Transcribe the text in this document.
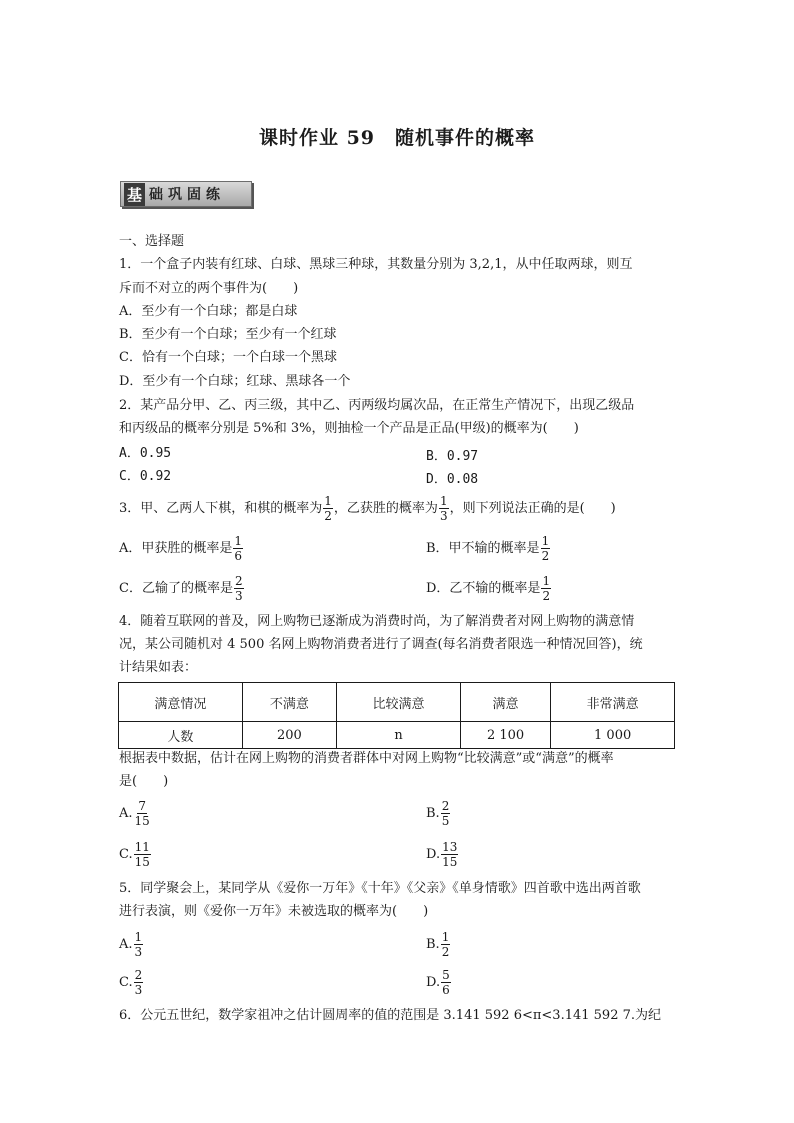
课时作业 59　随机事件的概率
基 础巩固练
一、选择题
1．一个盒子内装有红球、白球、黑球三种球，其数量分别为 3,2,1，从中任取两球，则互
斥而不对立的两个事件为(　　)
A．至少有一个白球；都是白球
B．至少有一个白球；至少有一个红球
C．恰有一个白球；一个白球一个黑球
D．至少有一个白球；红球、黑球各一个
2．某产品分甲、乙、丙三级，其中乙、丙两级均属次品，在正常生产情况下，出现乙级品
和丙级品的概率分别是 5%和 3%，则抽检一个产品是正品(甲级)的概率为(　　)
A．0.95	B．0.97
C．0.92	D．0.08
3．甲、乙两人下棋，和棋的概率为 $\frac{1}{2}$ ，乙获胜的概率为 $\frac{1}{3}$ ，则下列说法正确的是(　　)
A．甲获胜的概率是 $\frac{1}{6}$	B．甲不输的概率是 $\frac{1}{2}$
C．乙输了的概率是 $\frac{2}{3}$	D．乙不输的概率是 $\frac{1}{2}$
4．随着互联网的普及，网上购物已逐渐成为消费时尚，为了解消费者对网上购物的满意情
况，某公司随机对 4 500 名网上购物消费者进行了调查(每名消费者限选一种情况回答)，统
计结果如表：
满意情况	不满意	比较满意	满意	非常满意
人数	200	n	2 100	1 000
根据表中数据，估计在网上购物的消费者群体中对网上购物“比较满意”或“满意”的概率
是(　　)
A. $\frac{7}{15}$	B. $\frac{2}{5}$
C. $\frac{11}{15}$	D. $\frac{13}{15}$
5．同学聚会上，某同学从《爱你一万年》《十年》《父亲》《单身情歌》四首歌中选出两首歌
进行表演，则《爱你一万年》未被选取的概率为(　　)
A. $\frac{1}{3}$	B. $\frac{1}{2}$
C. $\frac{2}{3}$	D. $\frac{5}{6}$
6．公元五世纪，数学家祖冲之估计圆周率的值的范围是 3.141 592 6<π<3.141 592 7.为纪
